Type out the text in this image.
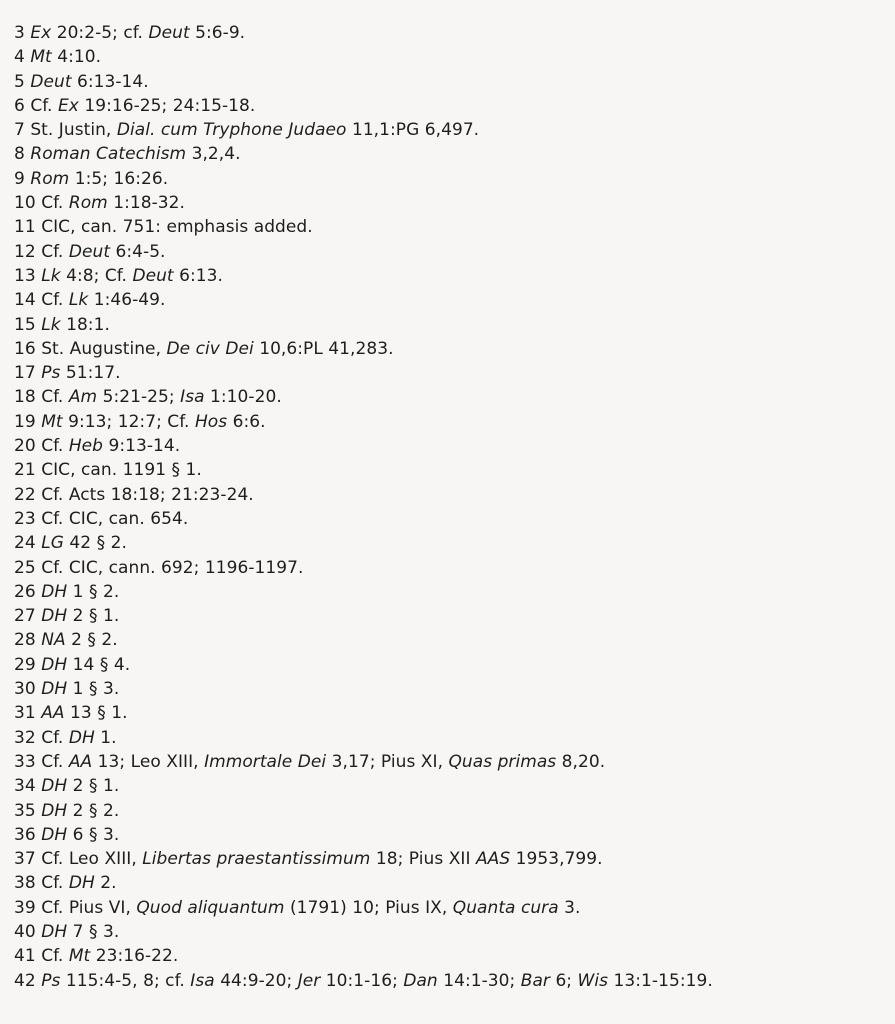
3 Ex 20:2-5; cf. Deut 5:6-9.
4 Mt 4:10.
5 Deut 6:13-14.
6 Cf. Ex 19:16-25; 24:15-18.
7 St. Justin, Dial. cum Tryphone Judaeo 11,1:PG 6,497.
8 Roman Catechism 3,2,4.
9 Rom 1:5; 16:26.
10 Cf. Rom 1:18-32.
11 CIC, can. 751: emphasis added.
12 Cf. Deut 6:4-5.
13 Lk 4:8; Cf. Deut 6:13.
14 Cf. Lk 1:46-49.
15 Lk 18:1.
16 St. Augustine, De civ Dei 10,6:PL 41,283.
17 Ps 51:17.
18 Cf. Am 5:21-25; Isa 1:10-20.
19 Mt 9:13; 12:7; Cf. Hos 6:6.
20 Cf. Heb 9:13-14.
21 CIC, can. 1191 § 1.
22 Cf. Acts 18:18; 21:23-24.
23 Cf. CIC, can. 654.
24 LG 42 § 2.
25 Cf. CIC, cann. 692; 1196-1197.
26 DH 1 § 2.
27 DH 2 § 1.
28 NA 2 § 2.
29 DH 14 § 4.
30 DH 1 § 3.
31 AA 13 § 1.
32 Cf. DH 1.
33 Cf. AA 13; Leo XIII, Immortale Dei 3,17; Pius XI, Quas primas 8,20.
34 DH 2 § 1.
35 DH 2 § 2.
36 DH 6 § 3.
37 Cf. Leo XIII, Libertas praestantissimum 18; Pius XII AAS 1953,799.
38 Cf. DH 2.
39 Cf. Pius VI, Quod aliquantum (1791) 10; Pius IX, Quanta cura 3.
40 DH 7 § 3.
41 Cf. Mt 23:16-22.
42 Ps 115:4-5, 8; cf. Isa 44:9-20; Jer 10:1-16; Dan 14:1-30; Bar 6; Wis 13:1-15:19.
